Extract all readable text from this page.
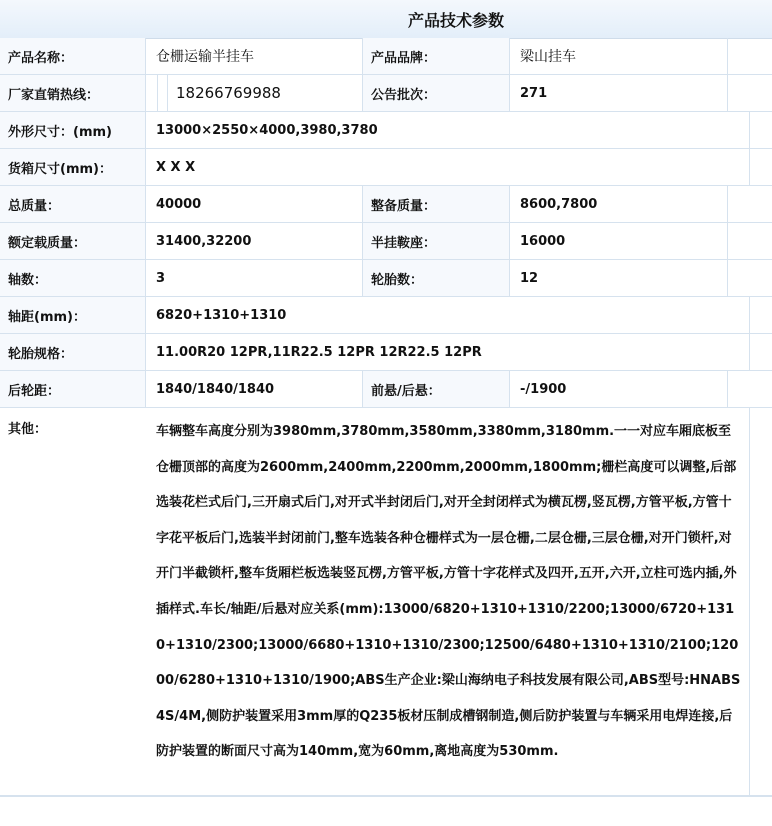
产品技术参数
产品名称：	仓栅运输半挂车	产品品牌：	梁山挂车
厂家直销热线：	18266769988	公告批次：	271
外形尺寸：(mm)	13000×2550×4000,3980,3780
货箱尺寸(mm)：	X X X
总质量：	40000	整备质量：	8600,7800
额定载质量：	31400,32200	半挂鞍座：	16000
轴数：	3	轮胎数：	12
轴距(mm)：	6820+1310+1310
轮胎规格：	11.00R20 12PR,11R22.5 12PR 12R22.5 12PR
后轮距：	1840/1840/1840	前悬/后悬：	-/1900
其他：	车辆整车高度分别为3980mm,3780mm,3580mm,3380mm,3180mm.一一对应车厢底板至仓栅顶部的高度为2600mm,2400mm,2200mm,2000mm,1800mm;栅栏高度可以调整,后部选装花栏式后门,三开扇式后门,对开式半封闭后门,对开全封闭样式为横瓦楞,竖瓦楞,方管平板,方管十字花平板后门,选装半封闭前门,整车选装各种仓栅样式为一层仓栅,二层仓栅,三层仓栅,对开门锁杆,对开门半截锁杆,整车货厢栏板选装竖瓦楞,方管平板,方管十字花样式及四开,五开,六开,立柱可选内插,外插样式.车长/轴距/后悬对应关系(mm):13000/6820+1310+1310/2200;13000/6720+1310+1310/2300;13000/6680+1310+1310/2300;12500/6480+1310+1310/2100;12000/6280+1310+1310/1900;ABS生产企业:梁山海纳电子科技发展有限公司,ABS型号:HNABS4S/4M,侧防护装置采用3mm厚的Q235板材压制成槽钢制造,侧后防护装置与车辆采用电焊连接,后防护装置的断面尺寸高为140mm,宽为60mm,离地高度为530mm.
